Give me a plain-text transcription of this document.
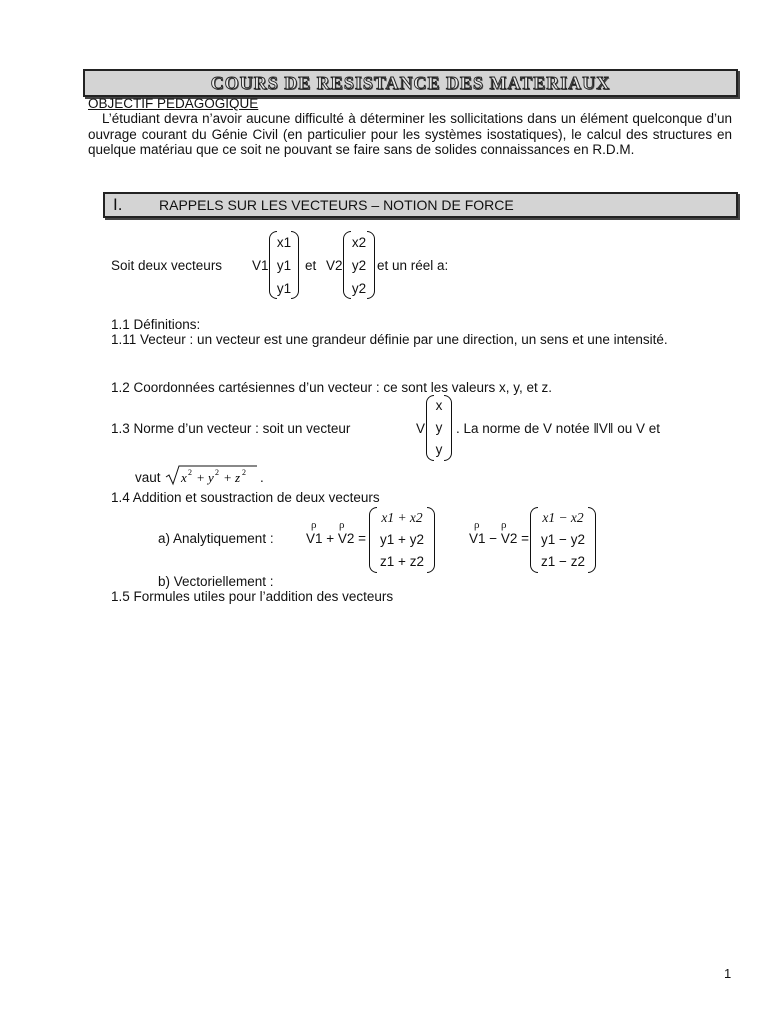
COURS DE RESISTANCE DES MATERIAUX
OBJECTIF PEDAGOGIQUE

L’étudiant devra n’avoir aucune difficulté à déterminer les sollicitations dans un élément quelconque d’un ouvrage courant du Génie Civil (en particulier pour les systèmes isostatiques), le calcul des structures en quelque matériau que ce soit ne pouvant se faire sans de solides connaissances en R.D.M.

I.	RAPPELS SUR LES VECTEURS – NOTION DE FORCE
Soit deux vecteurs V1
x1
y1
y1
et V2
x2
y2
y2
et un réel a:
1.1 Définitions:

1.11 Vecteur : un vecteur est une grandeur définie par une direction, un sens et une intensité.

1.2 Coordonnées cartésiennes d’un vecteur : ce sont les valeurs x, y, et z.
1.3 Norme d’un vecteur : soit un vecteur	V
x
y
y
. La norme de V notée ‖V‖ ou V et
vaut x 2 + y 2 + z 2 .
1.4 Addition et soustraction de deux vecteurs
a) Analytiquement :
ρ ρ
V1 + V2 =
x1 + x2
y1 + y2
z1 + z2
ρ ρ
V1 − V2 =
x1 − x2
y1 − y2
z1 − z2
b) Vectoriellement :
1.5 Formules utiles pour l’addition des vecteurs
1
